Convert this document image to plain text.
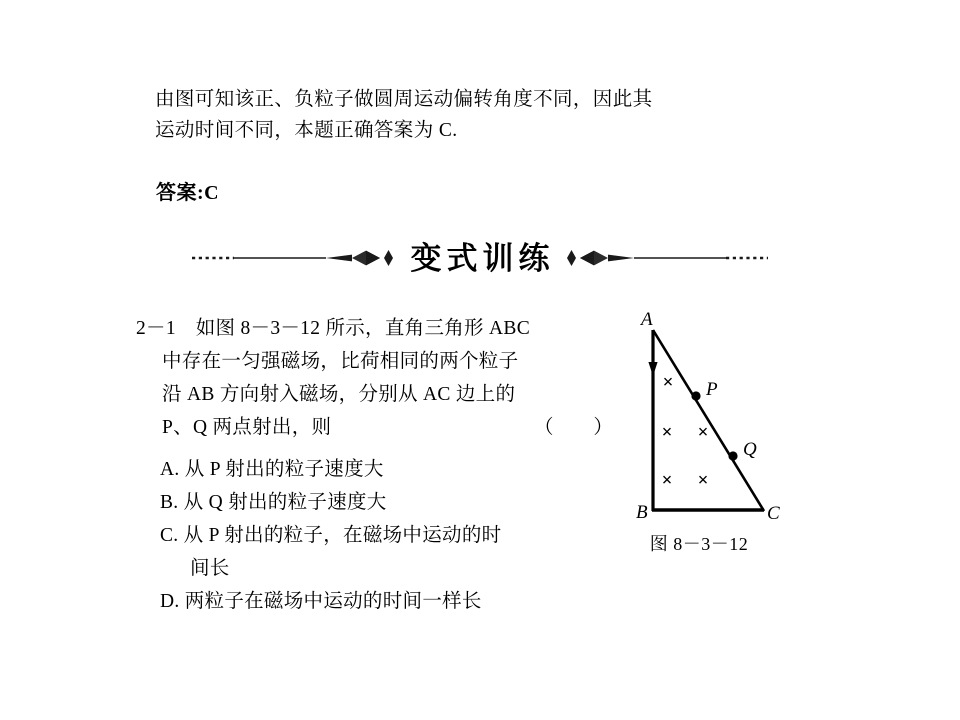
由图可知该正、负粒子做圆周运动偏转角度不同，因此其
运动时间不同，本题正确答案为 C.
答案:C
变式训练
2－1　如图 8－3－12 所示，直角三角形 ABC
中存在一匀强磁场，比荷相同的两个粒子
沿 AB 方向射入磁场，分别从 AC 边上的
P、Q 两点射出，则	（　　）
A. 从 P 射出的粒子速度大
B. 从 Q 射出的粒子速度大
C. 从 P 射出的粒子，在磁场中运动的时
间长
D. 两粒子在磁场中运动的时间一样长
×
× ×
× ×
A
B	C
P
Q
图 8－3－12
